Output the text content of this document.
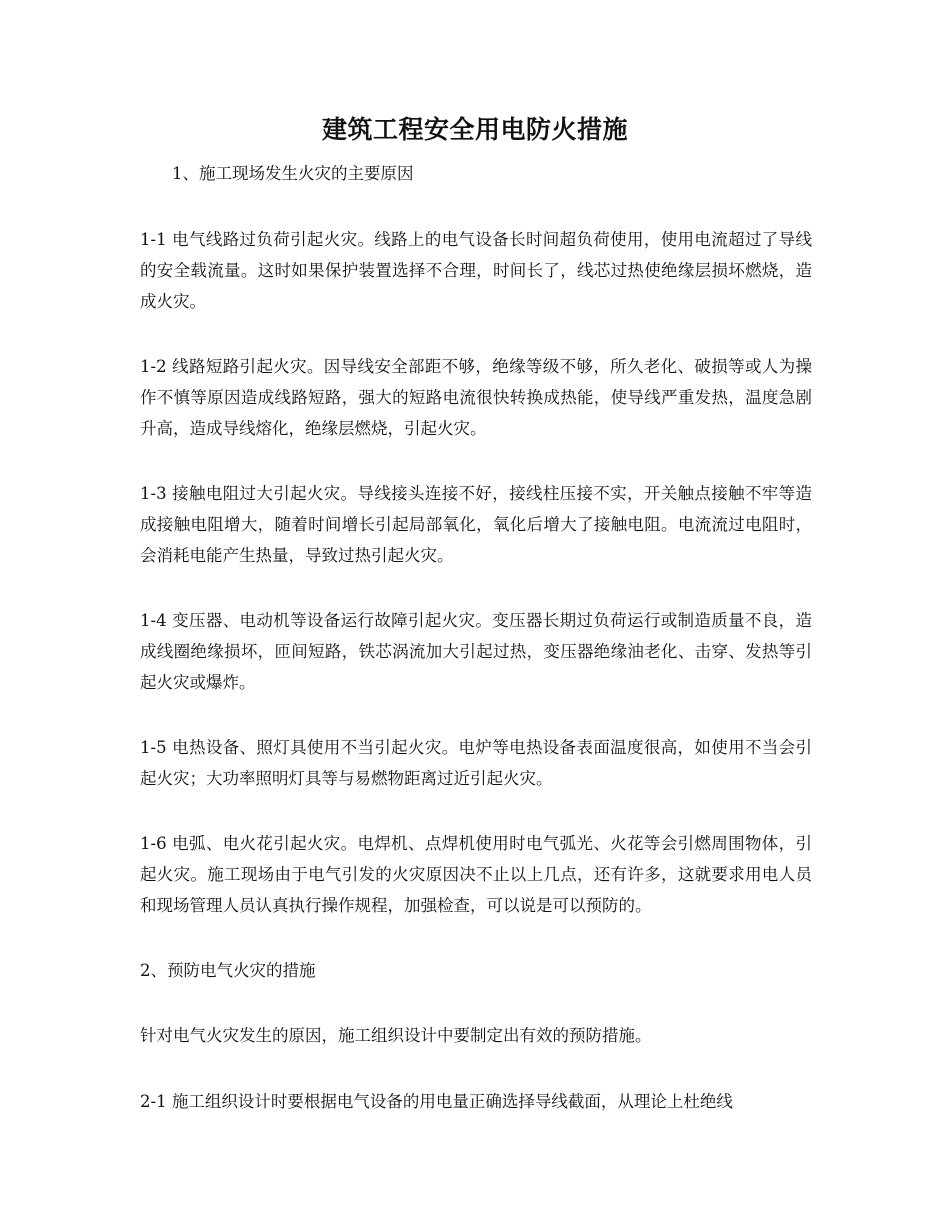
建筑工程安全用电防火措施

1、施工现场发生火灾的主要原因

1-1 电气线路过负荷引起火灾。线路上的电气设备长时间超负荷使用，使用电流超过了导线的安全载流量。这时如果保护装置选择不合理，时间长了，线芯过热使绝缘层损坏燃烧，造成火灾。

1-2 线路短路引起火灾。因导线安全部距不够，绝缘等级不够，所久老化、破损等或人为操作不慎等原因造成线路短路，强大的短路电流很快转换成热能，使导线严重发热，温度急剧升高，造成导线熔化，绝缘层燃烧，引起火灾。

1-3 接触电阻过大引起火灾。导线接头连接不好，接线柱压接不实，开关触点接触不牢等造成接触电阻增大，随着时间增长引起局部氧化，氧化后增大了接触电阻。电流流过电阻时，会消耗电能产生热量，导致过热引起火灾。

1-4 变压器、电动机等设备运行故障引起火灾。变压器长期过负荷运行或制造质量不良，造成线圈绝缘损坏，匝间短路，铁芯涡流加大引起过热，变压器绝缘油老化、击穿、发热等引起火灾或爆炸。

1-5 电热设备、照灯具使用不当引起火灾。电炉等电热设备表面温度很高，如使用不当会引起火灾；大功率照明灯具等与易燃物距离过近引起火灾。

1-6 电弧、电火花引起火灾。电焊机、点焊机使用时电气弧光、火花等会引燃周围物体，引起火灾。施工现场由于电气引发的火灾原因决不止以上几点，还有许多，这就要求用电人员和现场管理人员认真执行操作规程，加强检查，可以说是可以预防的。

2、预防电气火灾的措施

针对电气火灾发生的原因，施工组织设计中要制定出有效的预防措施。

2-1 施工组织设计时要根据电气设备的用电量正确选择导线截面，从理论上杜绝线
